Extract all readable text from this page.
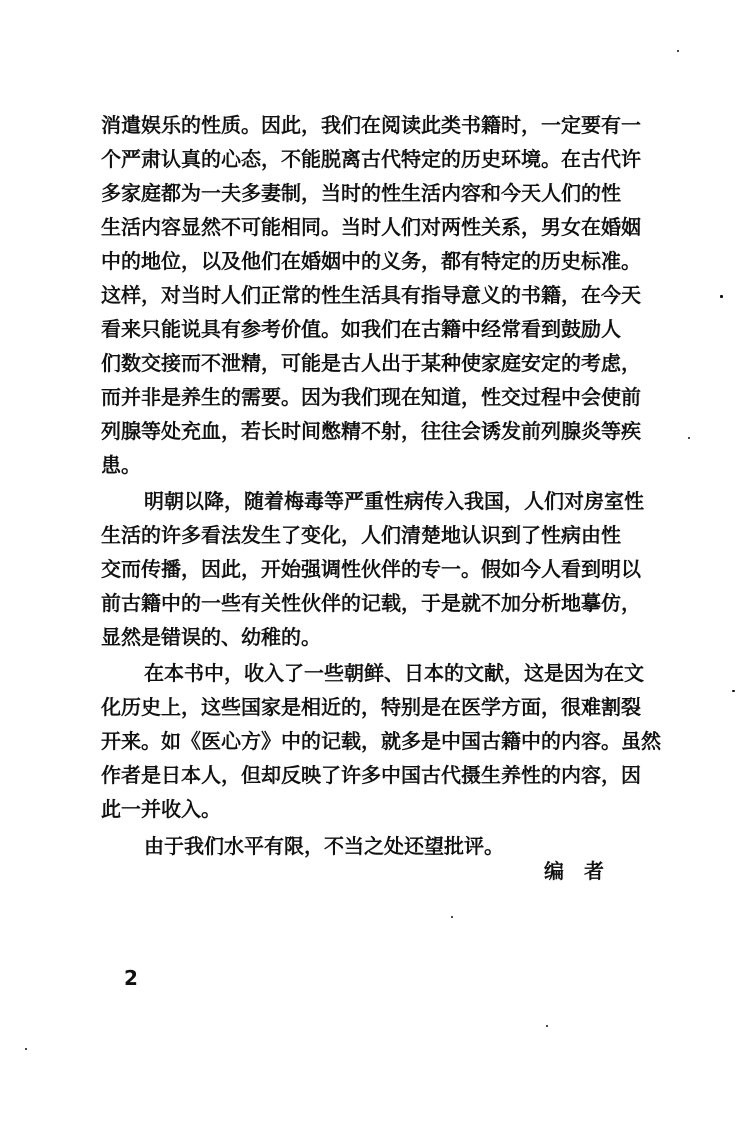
消遣娱乐的性质。因此，我们在阅读此类书籍时，一定要有一
个严肃认真的心态，不能脱离古代特定的历史环境。在古代许
多家庭都为一夫多妻制，当时的性生活内容和今天人们的性
生活内容显然不可能相同。当时人们对两性关系，男女在婚姻
中的地位，以及他们在婚姻中的义务，都有特定的历史标准。
这样，对当时人们正常的性生活具有指导意义的书籍，在今天
看来只能说具有参考价值。如我们在古籍中经常看到鼓励人
们数交接而不泄精，可能是古人出于某种使家庭安定的考虑，
而并非是养生的需要。因为我们现在知道，性交过程中会使前
列腺等处充血，若长时间憋精不射，往往会诱发前列腺炎等疾
患。
明朝以降，随着梅毒等严重性病传入我国，人们对房室性
生活的许多看法发生了变化，人们清楚地认识到了性病由性
交而传播，因此，开始强调性伙伴的专一。假如今人看到明以
前古籍中的一些有关性伙伴的记载，于是就不加分析地摹仿，
显然是错误的、幼稚的。
在本书中，收入了一些朝鲜、日本的文献，这是因为在文
化历史上，这些国家是相近的，特别是在医学方面，很难割裂
开来。如《医心方》中的记载，就多是中国古籍中的内容。虽然
作者是日本人，但却反映了许多中国古代摄生养性的内容，因
此一并收入。
由于我们水平有限，不当之处还望批评。
编　者
2
